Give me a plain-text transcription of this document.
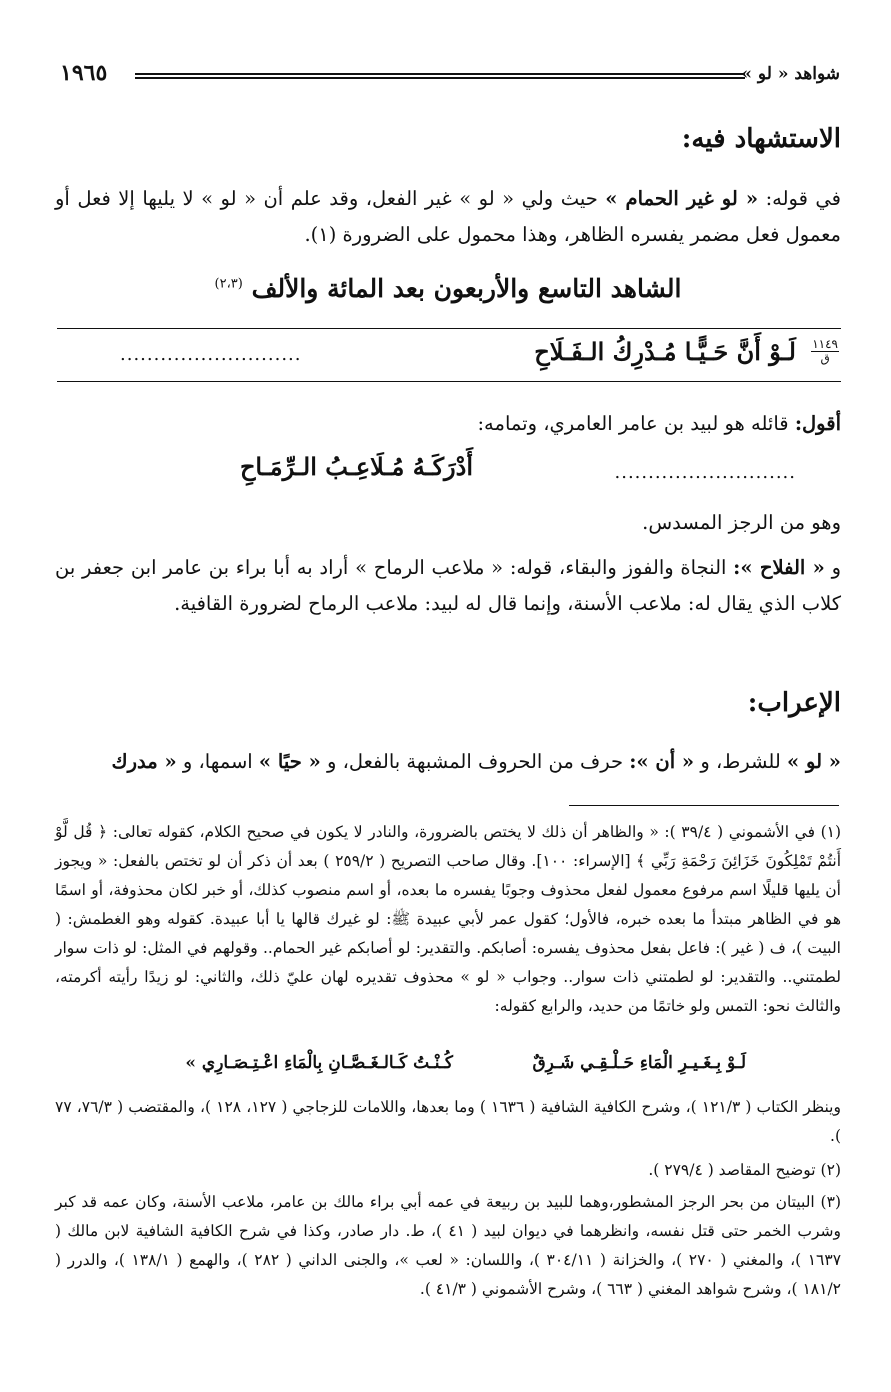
شواهد « لو »
١٩٦٥
الاستشهاد فيه:
في قوله: « لو غير الحمام » حيث ولي « لو » غير الفعل، وقد علم أن « لو » لا يليها إلا فعل أو معمول فعل مضمر يفسره الظاهر، وهذا محمول على الضرورة (١).
الشاهد التاسع والأربعون بعد المائة والألف $^{(٢،٣)}$
١١٤٩
ق
لَـوْ أَنَّ حَـيًّـا مُـدْرِكُ الـفَـلَاحِ
...........................
أقول: قائله هو لبيد بن عامر العامري، وتمامه:
أَدْرَكَـهُ مُـلَاعِـبُ الـرِّمَـاحِ	...........................
وهو من الرجز المسدس.
و « الفلاح »: النجاة والفوز والبقاء، قوله: « ملاعب الرماح » أراد به أبا براء بن عامر ابن جعفر بن كلاب الذي يقال له: ملاعب الأسنة، وإنما قال له لبيد: ملاعب الرماح لضرورة القافية.
الإعراب:
« لو » للشرط، و « أن »: حرف من الحروف المشبهة بالفعل، و « حيًا » اسمها، و « مدرك
(١) في الأشموني ( ٣٩/٤ ): « والظاهر أن ذلك لا يختص بالضرورة، والنادر لا يكون في صحيح الكلام، كقوله تعالى: ﴿ قُل لَّوْ أَنتُمْ تَمْلِكُونَ خَزَائِنَ رَحْمَةِ رَبِّي ﴾ [الإسراء: ١٠٠]. وقال صاحب التصريح ( ٢٥٩/٢ ) بعد أن ذكر أن لو تختص بالفعل: « ويجوز أن يليها قليلًا اسم مرفوع معمول لفعل محذوف وجوبًا يفسره ما بعده، أو اسم منصوب كذلك، أو خبر لكان محذوفة، أو اسمًا هو في الظاهر مبتدأ ما بعده خبره، فالأول؛ كقول عمر لأبي عبيدة ﷺ: لو غيرك قالها يا أبا عبيدة. كقوله وهو الغطمش: ( البيت )، ف ( غير ): فاعل بفعل محذوف يفسره: أصابكم. والتقدير: لو أصابكم غير الحمام.. وقولهم في المثل: لو ذات سوار لطمتني.. والتقدير: لو لطمتني ذات سوار.. وجواب « لو » محذوف تقديره لهان عليّ ذلك، والثاني: لو زيدًا رأيته أكرمته، والثالث نحو: التمس ولو خاتمًا من حديد، والرابع كقوله:
لَـوْ بِـغَـيـرِ الْمَاءِ حَـلْـقِـي شَـرِقٌ
كُـنْـتُ كَـالـغَـصَّـانِ بِالْمَاءِ اعْـتِـصَـارِي »
وينظر الكتاب ( ١٢١/٣ )، وشرح الكافية الشافية ( ١٦٣٦ ) وما بعدها، واللامات للزجاجي ( ١٢٧، ١٢٨ )، والمقتضب ( ٧٦/٣، ٧٧ ).
(٢) توضيح المقاصد ( ٢٧٩/٤ ).
(٣) البيتان من بحر الرجز المشطور،وهما للبيد بن ربيعة في عمه أبي براء مالك بن عامر، ملاعب الأسنة، وكان عمه قد كبر وشرب الخمر حتى قتل نفسه، وانظرهما في ديوان لبيد ( ٤١ )، ط. دار صادر، وكذا في شرح الكافية الشافية لابن مالك ( ١٦٣٧ )، والمغني ( ٢٧٠ )، والخزانة ( ٣٠٤/١١ )، واللسان: « لعب »، والجنى الداني ( ٢٨٢ )، والهمع ( ١٣٨/١ )، والدرر ( ١٨١/٢ )، وشرح شواهد المغني ( ٦٦٣ )، وشرح الأشموني ( ٤١/٣ ).
